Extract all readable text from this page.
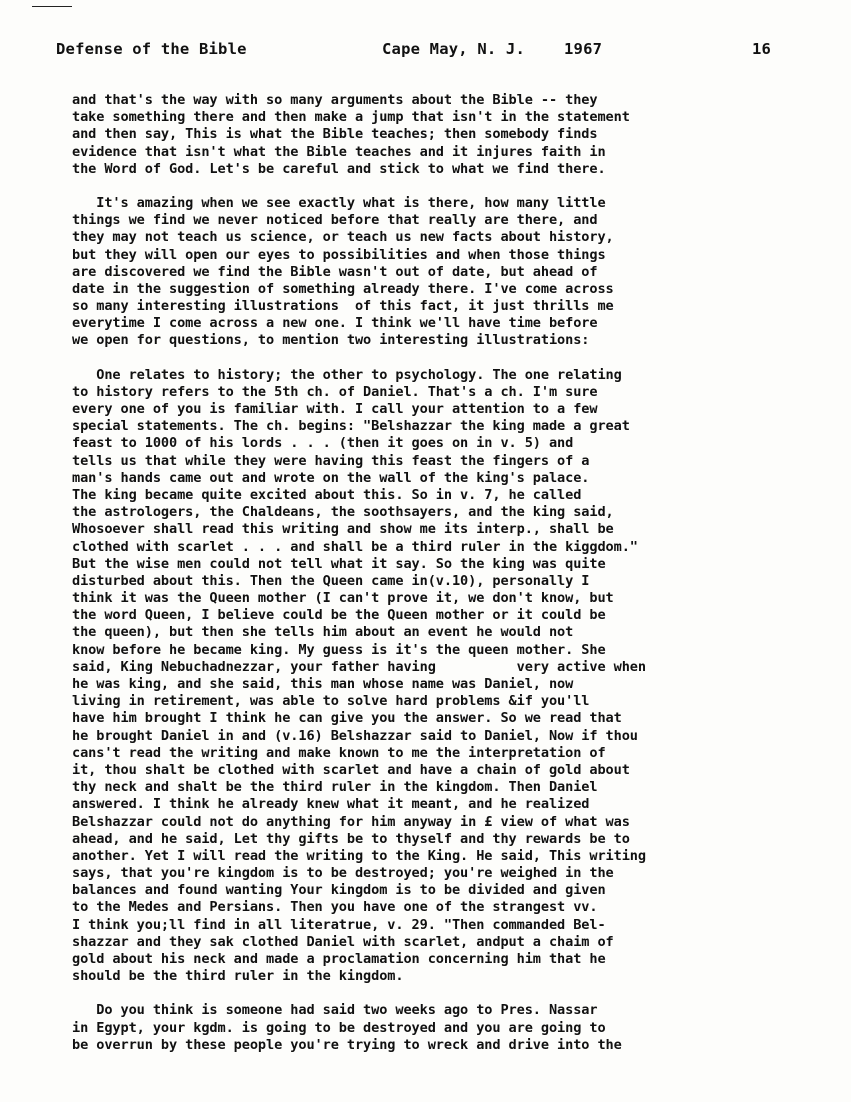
Defense of the Bible	Cape May, N. J.	1967	16
and that's the way with so many arguments about the Bible -- they
take something there and then make a jump that isn't in the statement
and then say, This is what the Bible teaches; then somebody finds
evidence that isn't what the Bible teaches and it injures faith in
the Word of God. Let's be careful and stick to what we find there.
It's amazing when we see exactly what is there, how many little
things we find we never noticed before that really are there, and
they may not teach us science, or teach us new facts about history,
but they will open our eyes to possibilities and when those things
are discovered we find the Bible wasn't out of date, but ahead of
date in the suggestion of something already there. I've come across
so many interesting illustrations  of this fact, it just thrills me
everytime I come across a new one. I think we'll have time before
we open for questions, to mention two interesting illustrations:
One relates to history; the other to psychology. The one relating
to history refers to the 5th ch. of Daniel. That's a ch. I'm sure
every one of you is familiar with. I call your attention to a few
special statements. The ch. begins: "Belshazzar the king made a great
feast to 1000 of his lords . . . (then it goes on in v. 5) and
tells us that while they were having this feast the fingers of a
man's hands came out and wrote on the wall of the king's palace.
The king became quite excited about this. So in v. 7, he called
the astrologers, the Chaldeans, the soothsayers, and the king said,
Whosoever shall read this writing and show me its interp., shall be
clothed with scarlet . . . and shall be a third ruler in the kiggdom."
But the wise men could not tell what it say. So the king was quite
disturbed about this. Then the Queen came in(v.10), personally I
think it was the Queen mother (I can't prove it, we don't know, but
the word Queen, I believe could be the Queen mother or it could be
the queen), but then she tells him about an event he would not
know before he became king. My guess is it's the queen mother. She
said, King Nebuchadnezzar, your father having          very active when
he was king, and she said, this man whose name was Daniel, now
living in retirement, was able to solve hard problems &if you'll
have him brought I think he can give you the answer. So we read that
he brought Daniel in and (v.16) Belshazzar said to Daniel, Now if thou
cans't read the writing and make known to me the interpretation of
it, thou shalt be clothed with scarlet and have a chain of gold about
thy neck and shalt be the third ruler in the kingdom. Then Daniel
answered. I think he already knew what it meant, and he realized
Belshazzar could not do anything for him anyway in £ view of what was
ahead, and he said, Let thy gifts be to thyself and thy rewards be to
another. Yet I will read the writing to the King. He said, This writing
says, that you're kingdom is to be destroyed; you're weighed in the
balances and found wanting Your kingdom is to be divided and given
to the Medes and Persians. Then you have one of the strangest vv.
I think you;ll find in all literatrue, v. 29. "Then commanded Bel-
shazzar and they sak clothed Daniel with scarlet, andput a chaim of
gold about his neck and made a proclamation concerning him that he
should be the third ruler in the kingdom.
Do you think is someone had said two weeks ago to Pres. Nassar
in Egypt, your kgdm. is going to be destroyed and you are going to
be overrun by these people you're trying to wreck and drive into the
